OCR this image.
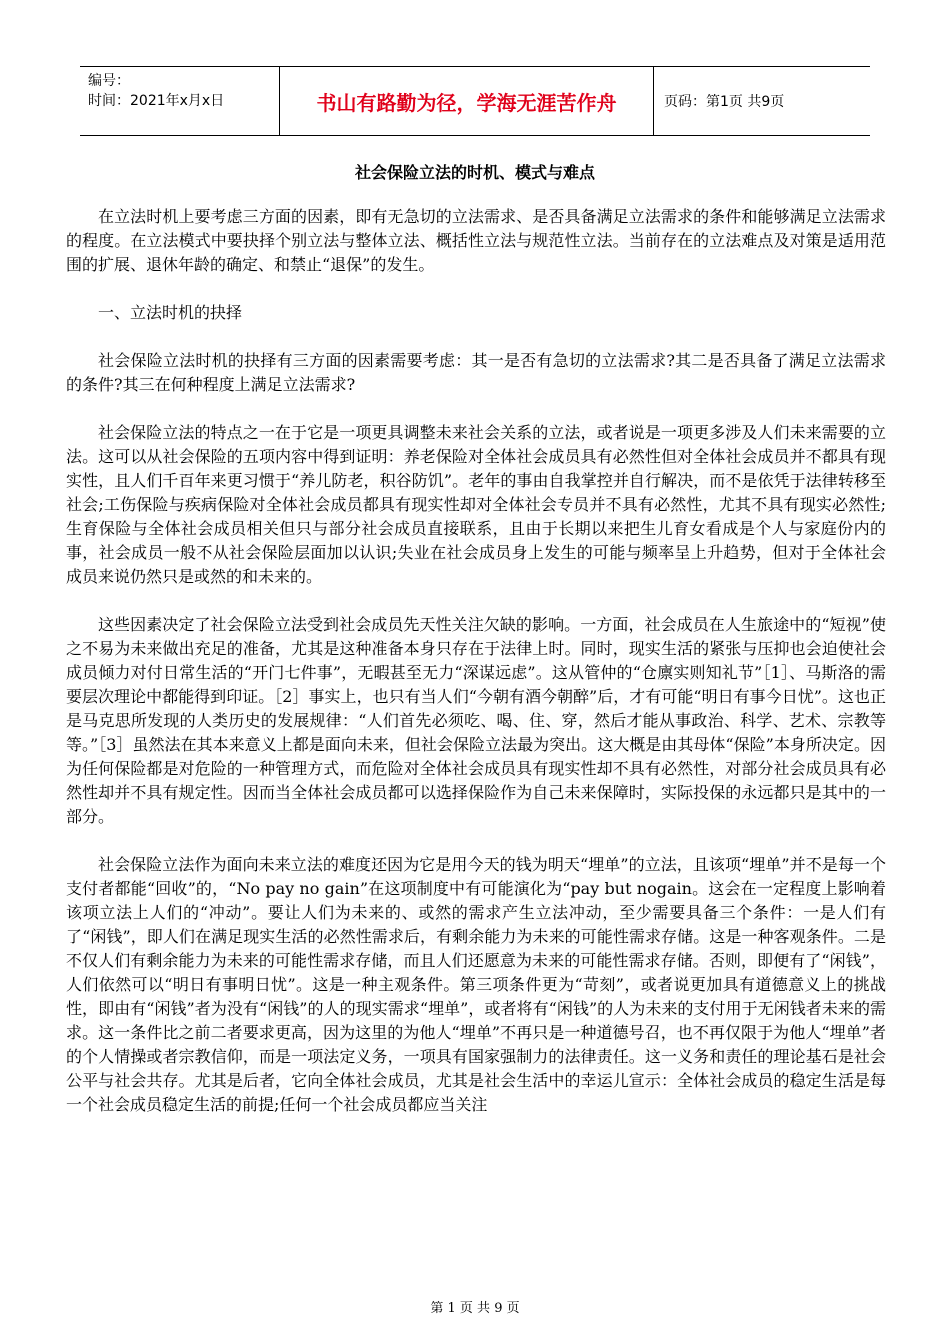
编号：
时间：2021年x月x日	书山有路勤为径，学海无涯苦作舟	页码：第1页 共9页
社会保险立法的时机、模式与难点

在立法时机上要考虑三方面的因素，即有无急切的立法需求、是否具备满足立法需求的条件和能够满足立法需求的程度。在立法模式中要抉择个别立法与整体立法、概括性立法与规范性立法。当前存在的立法难点及对策是适用范围的扩展、退休年龄的确定、和禁止“退保”的发生。

一、立法时机的抉择

社会保险立法时机的抉择有三方面的因素需要考虑：其一是否有急切的立法需求?其二是否具备了满足立法需求的条件?其三在何种程度上满足立法需求?

社会保险立法的特点之一在于它是一项更具调整未来社会关系的立法，或者说是一项更多涉及人们未来需要的立法。这可以从社会保险的五项内容中得到证明：养老保险对全体社会成员具有必然性但对全体社会成员并不都具有现实性，且人们千百年来更习惯于“养儿防老，积谷防饥”。老年的事由自我掌控并自行解决，而不是依凭于法律转移至社会;工伤保险与疾病保险对全体社会成员都具有现实性却对全体社会专员并不具有必然性，尤其不具有现实必然性;生育保险与全体社会成员相关但只与部分社会成员直接联系，且由于长期以来把生儿育女看成是个人与家庭份内的事，社会成员一般不从社会保险层面加以认识;失业在社会成员身上发生的可能与频率呈上升趋势，但对于全体社会成员来说仍然只是或然的和未来的。

这些因素决定了社会保险立法受到社会成员先天性关注欠缺的影响。一方面，社会成员在人生旅途中的“短视”使之不易为未来做出充足的准备，尤其是这种准备本身只存在于法律上时。同时，现实生活的紧张与压抑也会迫使社会成员倾力对付日常生活的“开门七件事”，无暇甚至无力“深谋远虑”。这从管仲的“仓廪实则知礼节”［1］、马斯洛的需要层次理论中都能得到印证。［2］事实上，也只有当人们“今朝有酒今朝醉”后，才有可能“明日有事今日忧”。这也正是马克思所发现的人类历史的发展规律：“人们首先必须吃、喝、住、穿，然后才能从事政治、科学、艺术、宗教等等。”［3］虽然法在其本来意义上都是面向未来，但社会保险立法最为突出。这大概是由其母体“保险”本身所决定。因为任何保险都是对危险的一种管理方式，而危险对全体社会成员具有现实性却不具有必然性，对部分社会成员具有必然性却并不具有规定性。因而当全体社会成员都可以选择保险作为自己未来保障时，实际投保的永远都只是其中的一部分。

社会保险立法作为面向未来立法的难度还因为它是用今天的钱为明天“埋单”的立法，且该项“埋单”并不是每一个支付者都能“回收”的，“No pay no gain”在这项制度中有可能演化为“pay but nogain。这会在一定程度上影响着该项立法上人们的“冲动”。要让人们为未来的、或然的需求产生立法冲动，至少需要具备三个条件：一是人们有了“闲钱”，即人们在满足现实生活的必然性需求后，有剩余能力为未来的可能性需求存储。这是一种客观条件。二是不仅人们有剩余能力为未来的可能性需求存储，而且人们还愿意为未来的可能性需求存储。否则，即便有了“闲钱”，人们依然可以“明日有事明日忧”。这是一种主观条件。第三项条件更为“苛刻”，或者说更加具有道德意义上的挑战性，即由有“闲钱”者为没有“闲钱”的人的现实需求“埋单”，或者将有“闲钱”的人为未来的支付用于无闲钱者未来的需求。这一条件比之前二者要求更高，因为这里的为他人“埋单”不再只是一种道德号召，也不再仅限于为他人“埋单”者的个人情操或者宗教信仰，而是一项法定义务，一项具有国家强制力的法律责任。这一义务和责任的理论基石是社会公平与社会共存。尤其是后者，它向全体社会成员，尤其是社会生活中的幸运儿宣示：全体社会成员的稳定生活是每一个社会成员稳定生活的前提;任何一个社会成员都应当关注

第 1 页 共 9 页
